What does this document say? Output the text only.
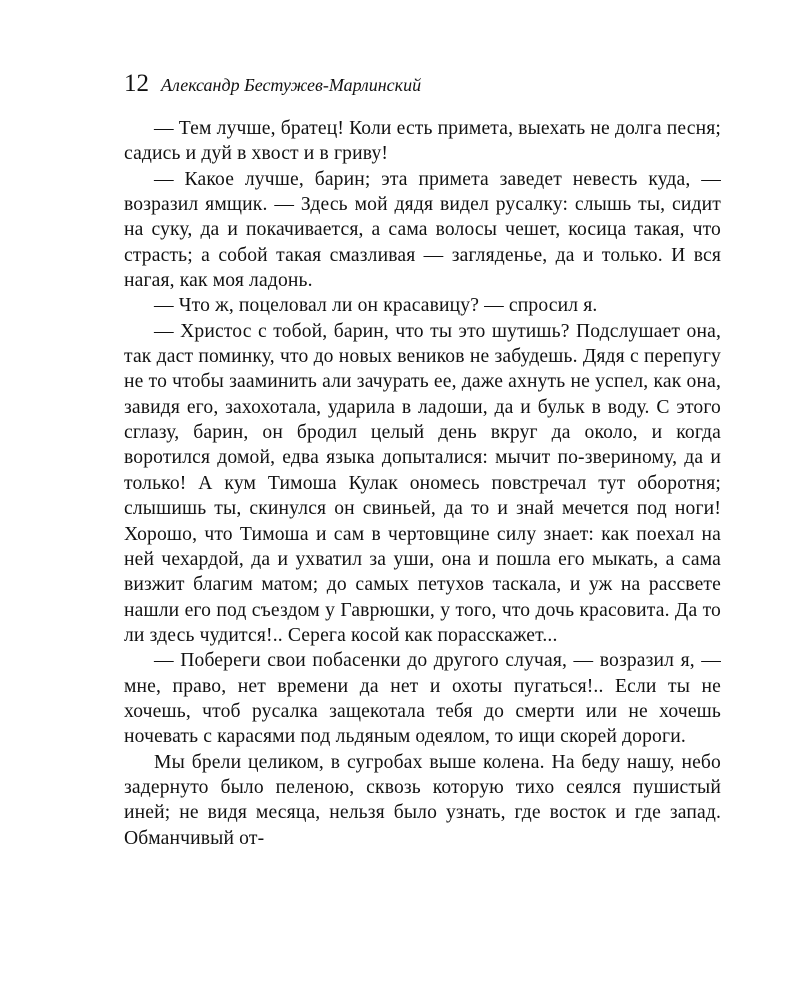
12 Александр Бестужев-Марлинский

— Тем лучше, братец! Коли есть примета, выехать не долга песня; садись и дуй в хвост и в гриву!

— Какое лучше, барин; эта примета заведет невесть куда, — возразил ямщик. — Здесь мой дядя видел русалку: слышь ты, сидит на суку, да и покачивается, а сама волосы чешет, косица такая, что страсть; а собой такая смазливая — загляденье, да и только. И вся нагая, как моя ладонь.

— Что ж, поцеловал ли он красавицу? — спросил я.

— Христос с тобой, барин, что ты это шутишь? Подслушает она, так даст поминку, что до новых веников не забудешь. Дядя с перепугу не то чтобы зааминить али зачурать ее, даже ахнуть не успел, как она, завидя его, захохотала, ударила в ладоши, да и бульк в воду. С этого сглазу, барин, он бродил целый день вкруг да около, и когда воротился домой, едва языка допыталися: мычит по-звериному, да и только! А кум Тимоша Кулак ономесь повстречал тут оборотня; слышишь ты, скинулся он свиньей, да то и знай мечется под ноги! Хорошо, что Тимоша и сам в чертовщине силу знает: как поехал на ней чехардой, да и ухватил за уши, она и пошла его мыкать, а сама визжит благим матом; до самых петухов таскала, и уж на рассвете нашли его под съездом у Гаврюшки, у того, что дочь красовита. Да то ли здесь чудится!.. Серега косой как порасскажет...

— Побереги свои побасенки до другого случая, — возразил я, — мне, право, нет времени да нет и охоты пугаться!.. Если ты не хочешь, чтоб русалка защекотала тебя до смерти или не хочешь ночевать с карасями под льдяным одеялом, то ищи скорей дороги.

Мы брели целиком, в сугробах выше колена. На беду нашу, небо задернуто было пеленою, сквозь которую тихо сеялся пушистый иней; не видя месяца, нельзя было узнать, где восток и где запад. Обманчивый от-
